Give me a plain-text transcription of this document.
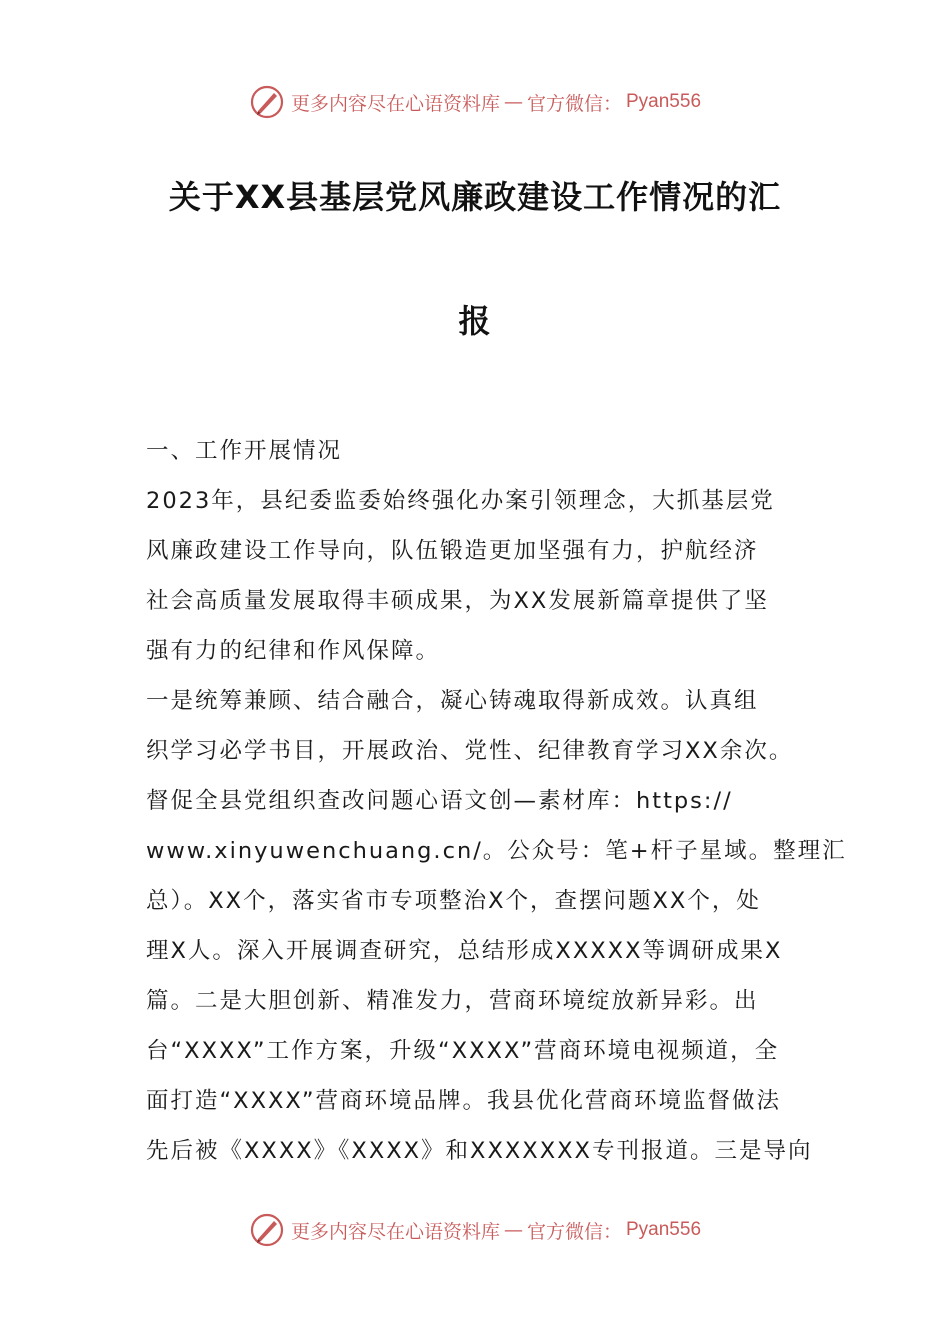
更多内容尽在心语资料库 — 官方微信： Pyan556
关于XX县基层党风廉政建设工作情况的汇
报
一、工作开展情况
2023年，县纪委监委始终强化办案引领理念，大抓基层党
风廉政建设工作导向，队伍锻造更加坚强有力，护航经济
社会高质量发展取得丰硕成果，为XX发展新篇章提供了坚
强有力的纪律和作风保障。
一是统筹兼顾、结合融合，凝心铸魂取得新成效。认真组
织学习必学书目，开展政治、党性、纪律教育学习XX余次。
督促全县党组织查改问题心语文创—素材库：https://
www.xinyuwenchuang.cn/。公众号：笔+杆子星域。整理汇
总）。XX个，落实省市专项整治X个，查摆问题XX个，处
理X人。深入开展调查研究，总结形成XXXXX等调研成果X
篇。二是大胆创新、精准发力，营商环境绽放新异彩。出
台“XXXX”工作方案，升级“XXXX”营商环境电视频道，全
面打造“XXXX”营商环境品牌。我县优化营商环境监督做法
先后被《XXXX》《XXXX》和XXXXXXX专刊报道。三是导向
更多内容尽在心语资料库 — 官方微信： Pyan556
